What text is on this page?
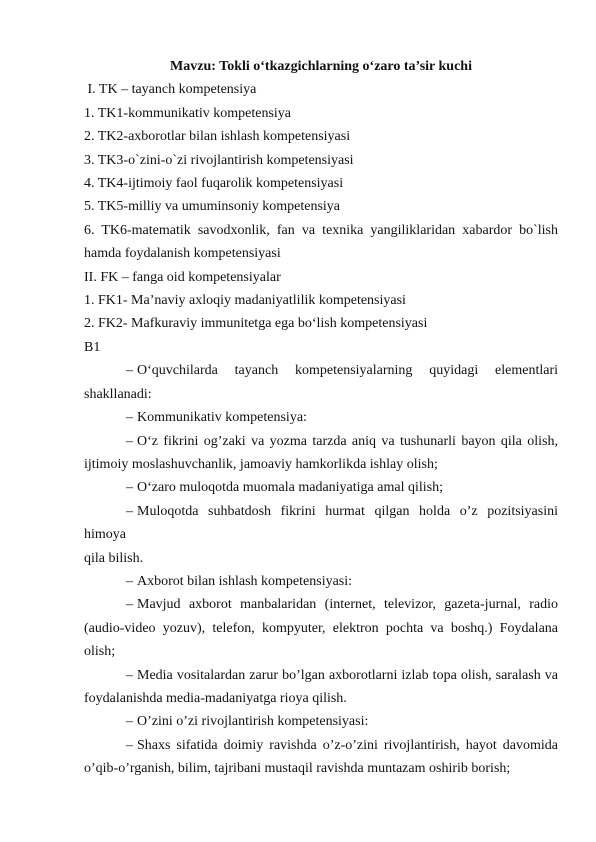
Mavzu: Tokli o‘tkazgichlarning o‘zaro ta’sir kuchi

I. TK – tayanch kompetensiya

1. TK1-kommunikativ kompetensiya

2. TK2-axborotlar bilan ishlash kompetensiyasi

3. TK3-o`zini-o`zi rivojlantirish kompetensiyasi

4. TK4-ijtimoiy faol fuqarolik kompetensiyasi

5. TK5-milliy va umuminsoniy kompetensiya

6. TK6-matematik savodxonlik, fan va texnika yangiliklaridan xabardor bo`lish

hamda foydalanish kompetensiyasi

II. FK – fanga oid kompetensiyalar

1. FK1- Ma’naviy axloqiy madaniyatlilik kompetensiyasi

2. FK2- Mafkuraviy immunitetga ega bo‘lish kompetensiyasi

B1

– O‘quvchilarda tayanch kompetensiyalarning quyidagi elementlari

shakllanadi:

– Kommunikativ kompetensiya:

– O‘z fikrini og’zaki va yozma tarzda aniq va tushunarli bayon qila olish,

ijtimoiy moslashuvchanlik, jamoaviy hamkorlikda ishlay olish;

– O‘zaro muloqotda muomala madaniyatiga amal qilish;

– Muloqotda suhbatdosh fikrini hurmat qilgan holda o’z pozitsiyasini himoya

qila bilish.

– Axborot bilan ishlash kompetensiyasi:

– Mavjud axborot manbalaridan (internet, televizor, gazeta-jurnal, radio

(audio-video yozuv), telefon, kompyuter, elektron pochta va boshq.) Foydalana

olish;

– Media vositalardan zarur bo’lgan axborotlarni izlab topa olish, saralash va

foydalanishda media-madaniyatga rioya qilish.

– O’zini o’zi rivojlantirish kompetensiyasi:

– Shaxs sifatida doimiy ravishda o’z-o’zini rivojlantirish, hayot davomida

o’qib-o’rganish, bilim, tajribani mustaqil ravishda muntazam oshirib borish;
